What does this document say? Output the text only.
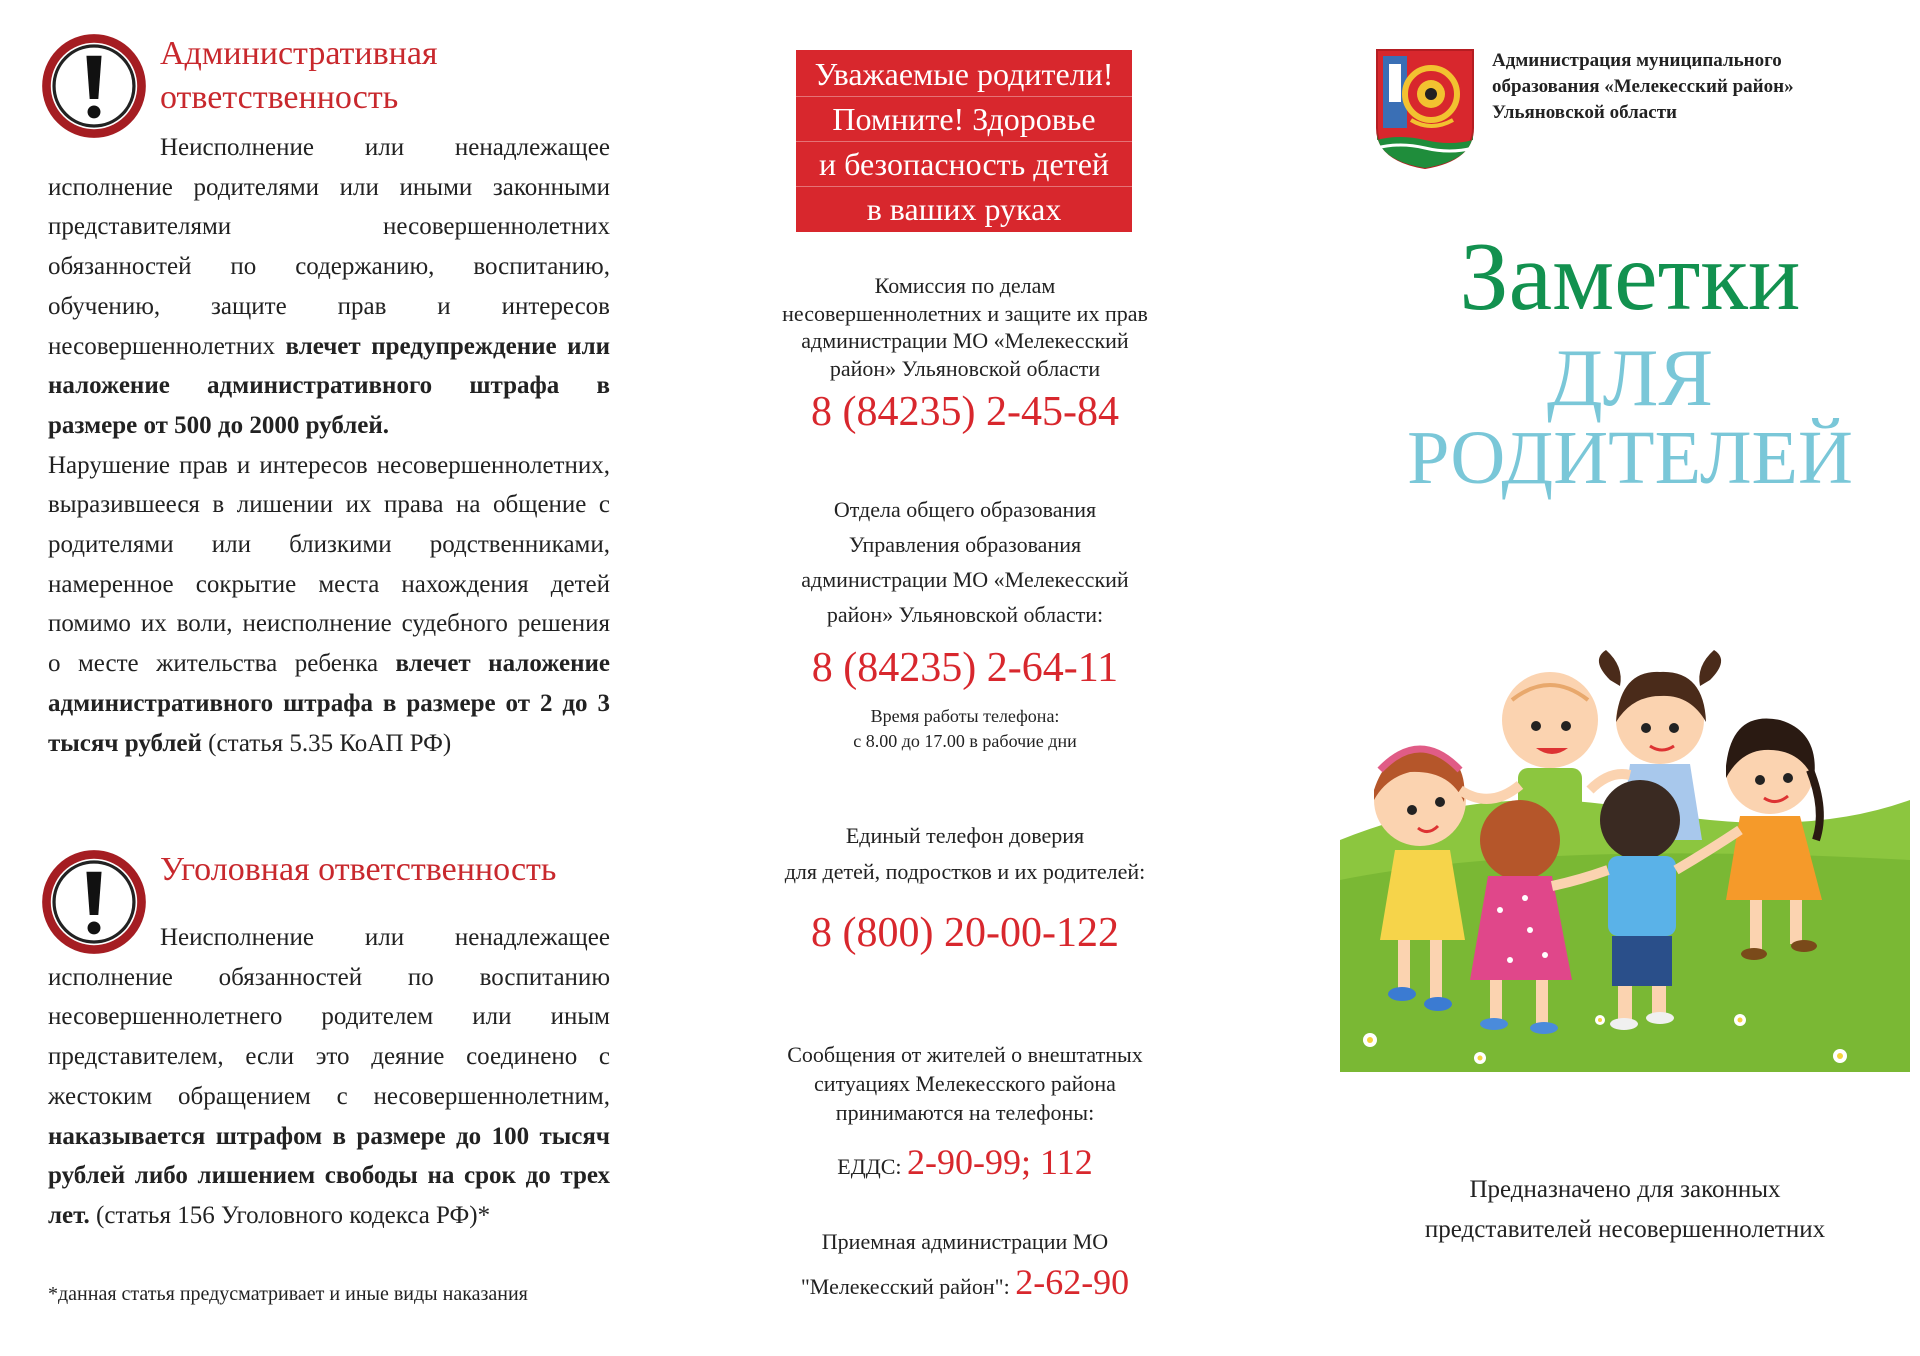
Административная
ответственность
Неисполнение или ненадлежащее исполнение родителями или иными законными представителями несовершеннолетних обязанностей по содержанию, воспитанию, обучению, защите прав и интересов несовершеннолетних влечет предупреждение или наложение административного штрафа в размере от 500 до 2000 рублей.
Нарушение прав и интересов несовершеннолетних, выразившееся в лишении их права на общение с родителями или близкими родственниками, намеренное сокрытие места нахождения детей помимо их воли, неисполнение судебного решения о месте жительства ребенка влечет наложение административного штрафа в размере от 2 до 3 тысяч рублей (статья 5.35 КоАП РФ)
Уголовная ответственность
Неисполнение или ненадлежащее исполнение обязанностей по воспитанию несовершеннолетнего родителем или иным представителем, если это деяние соединено с жестоким обращением с несовершеннолетним, наказывается штрафом в размере до 100 тысяч рублей либо лишением свободы на срок до трех лет. (статья 156 Уголовного кодекса РФ)*
*данная статья предусматривает и иные виды наказания
Уважаемые родители!
Помните! Здоровье
и безопасность детей
в ваших руках
Комиссия по делам
несовершеннолетних и защите их прав
администрации МО «Мелекесский
район» Ульяновской области
8 (84235) 2-45-84
Отдела общего образования
Управления образования
администрации МО «Мелекесский
район» Ульяновской области:
8 (84235) 2-64-11
Время работы телефона:
с 8.00 до 17.00 в рабочие дни
Единый телефон доверия
для детей, подростков и их родителей:
8 (800) 20-00-122
Сообщения от жителей о внештатных
ситуациях Мелекесского района
принимаются на телефоны:
ЕДДС: 2-90-99; 112
Приемная администрации МО
"Мелекесский район": 2-62-90
Администрация муниципального
образования «Мелекесский район»
Ульяновской области
Заметки
ДЛЯ
РОДИТЕЛЕЙ
Предназначено для законных
представителей несовершеннолетних
